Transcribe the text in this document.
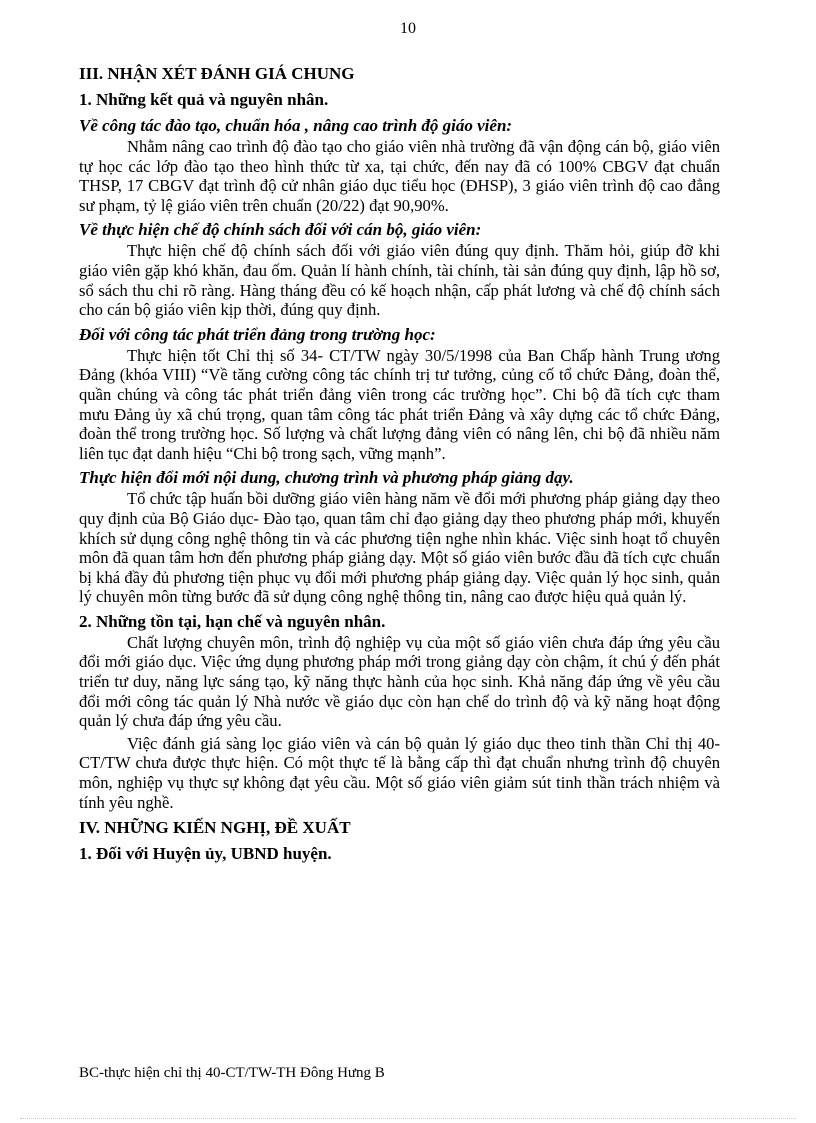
10
III. NHẬN XÉT ĐÁNH GIÁ CHUNG
1. Những kết quả và nguyên nhân.
Về công tác đào tạo, chuẩn hóa , nâng cao trình độ giáo viên:

Nhằm nâng cao trình độ đào tạo cho giáo viên nhà trường đã vận động cán bộ, giáo viên tự học các lớp đào tạo theo hình thức từ xa, tại chức, đến nay đã có 100% CBGV đạt chuẩn THSP, 17 CBGV đạt trình độ cử nhân giáo dục tiểu học (ĐHSP), 3 giáo viên trình độ cao đẳng sư phạm, tỷ lệ giáo viên trên chuẩn (20/22) đạt 90,90%.

Về thực hiện chế độ chính sách đối với cán bộ, giáo viên:

Thực hiện chế độ chính sách đối với giáo viên đúng quy định. Thăm hỏi, giúp đỡ khi giáo viên gặp khó khăn, đau ốm. Quản lí hành chính, tài chính, tài sản đúng quy định, lập hồ sơ, sổ sách thu chi rõ ràng. Hàng tháng đều có kế hoạch nhận, cấp phát lương và chế độ chính sách cho cán bộ giáo viên kịp thời, đúng quy định.

Đối với công tác phát triển đảng trong trường học:

Thực hiện tốt Chỉ thị số 34- CT/TW ngày 30/5/1998 của Ban Chấp hành Trung ương Đảng (khóa VIII) “Về tăng cường công tác chính trị tư tưởng, củng cố tổ chức Đảng, đoàn thể, quần chúng và công tác phát triển đảng viên trong các trường học”. Chi bộ đã tích cực tham mưu Đảng ủy xã chú trọng, quan tâm công tác phát triển Đảng và xây dựng các tổ chức Đảng, đoàn thể trong trường học. Số lượng và chất lượng đảng viên có nâng lên, chi bộ đã nhiều năm liên tục đạt danh hiệu “Chi bộ trong sạch, vững mạnh”.

Thực hiện đổi mới nội dung, chương trình và phương pháp giảng dạy.

Tổ chức tập huấn bồi dưỡng giáo viên hàng năm về đổi mới phương pháp giảng dạy theo quy định của Bộ Giáo dục- Đào tạo, quan tâm chỉ đạo giảng dạy theo phương pháp mới, khuyến khích sử dụng công nghệ thông tin và các phương tiện nghe nhìn khác. Việc sinh hoạt tổ chuyên môn đã quan tâm hơn đến phương pháp giảng dạy. Một số giáo viên bước đầu đã tích cực chuẩn bị khá đầy đủ phương tiện phục vụ đổi mới phương pháp giảng dạy. Việc quản lý học sinh, quản lý chuyên môn từng bước đã sử dụng công nghệ thông tin, nâng cao được hiệu quả quản lý.

2. Những tồn tại, hạn chế và nguyên nhân.

Chất lượng chuyên môn, trình độ nghiệp vụ của một số giáo viên chưa đáp ứng yêu cầu đổi mới giáo dục. Việc ứng dụng phương pháp mới trong giảng dạy còn chậm, ít chú ý đến phát triển tư duy, năng lực sáng tạo, kỹ năng thực hành của học sinh. Khả năng đáp ứng về yêu cầu đổi mới công tác quản lý Nhà nước về giáo dục còn hạn chế do trình độ và kỹ năng hoạt động quản lý chưa đáp ứng yêu cầu.

Việc đánh giá sàng lọc giáo viên và cán bộ quản lý giáo dục theo tinh thần Chỉ thị 40-CT/TW chưa được thực hiện. Có một thực tế là bằng cấp thì đạt chuẩn nhưng trình độ chuyên môn, nghiệp vụ thực sự không đạt yêu cầu. Một số giáo viên giảm sút tinh thần trách nhiệm và tính yêu nghề.

IV. NHỮNG KIẾN NGHỊ, ĐỀ XUẤT
1. Đối với Huyện ủy, UBND huyện.
BC-thực hiện chỉ thị 40-CT/TW-TH Đông Hưng B
